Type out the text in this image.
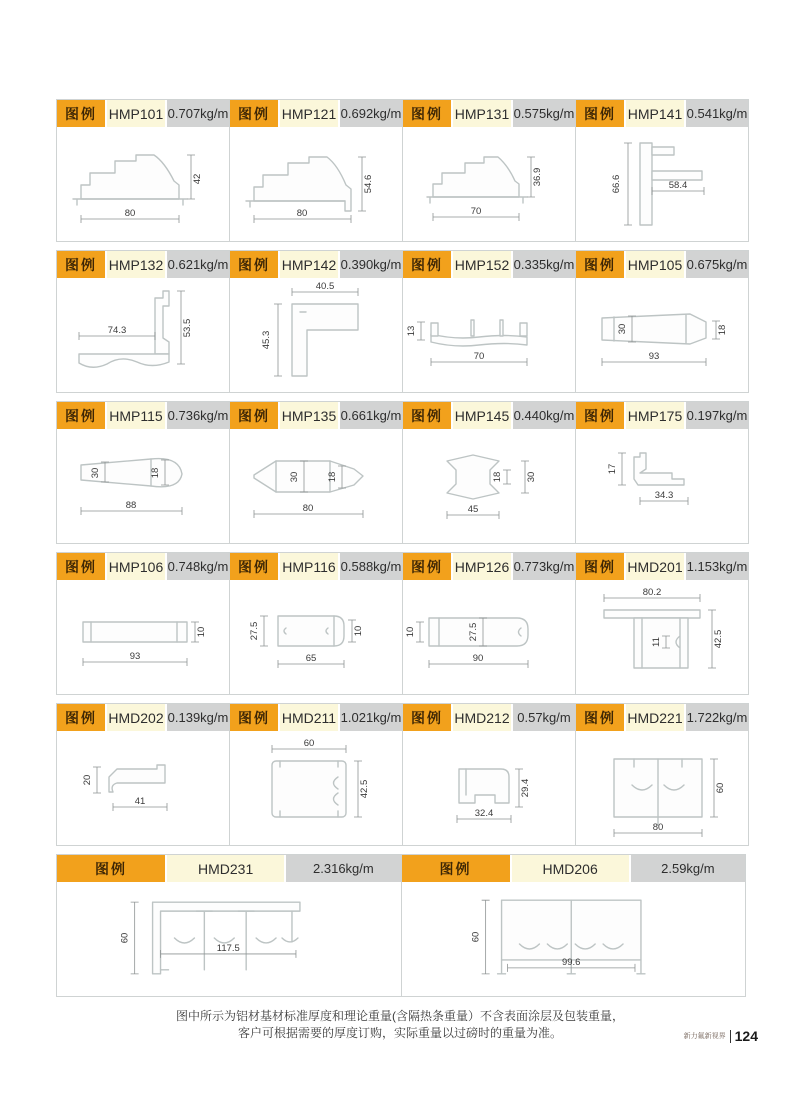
图例 HMP101 0.707kg/m
80
42
图例 HMP121 0.692kg/m
80
54.6
图例 HMP131 0.575kg/m
70
36.9
图例 HMP141 0.541kg/m
66.6	58.4
图例 HMP132 0.621kg/m
74.3	53.5
图例 HMP142 0.390kg/m
40.5
45.3
图例 HMP152 0.335kg/m
13
70
图例 HMP105 0.675kg/m
30	18
93
图例 HMP115 0.736kg/m
30	18
88
图例 HMP135 0.661kg/m
30	18
80
图例 HMP145 0.440kg/m
18 30
45
图例 HMP175 0.197kg/m
17
34.3
图例 HMP106 0.748kg/m
10
93
图例 HMP116 0.588kg/m
27.5	10
65
图例 HMP126 0.773kg/m
10	27.5
90
图例 HMD201 1.153kg/m
80.2
11	42.5
图例 HMD202 0.139kg/m
20
41
图例 HMD211 1.021kg/m
60
42.5
图例 HMD212 0.57kg/m
29.4
32.4
图例 HMD221 1.722kg/m
60
80
图例	HMD231	2.316kg/m
60
117.5
图例	HMD206	2.59kg/m
60
99.6
图中所示为铝材基材标准厚度和理论重量(含隔热条重量）不含表面涂层及包装重量，
客户可根据需要的厚度订购，实际重量以过磅时的重量为准。	新力氟新视界 124
